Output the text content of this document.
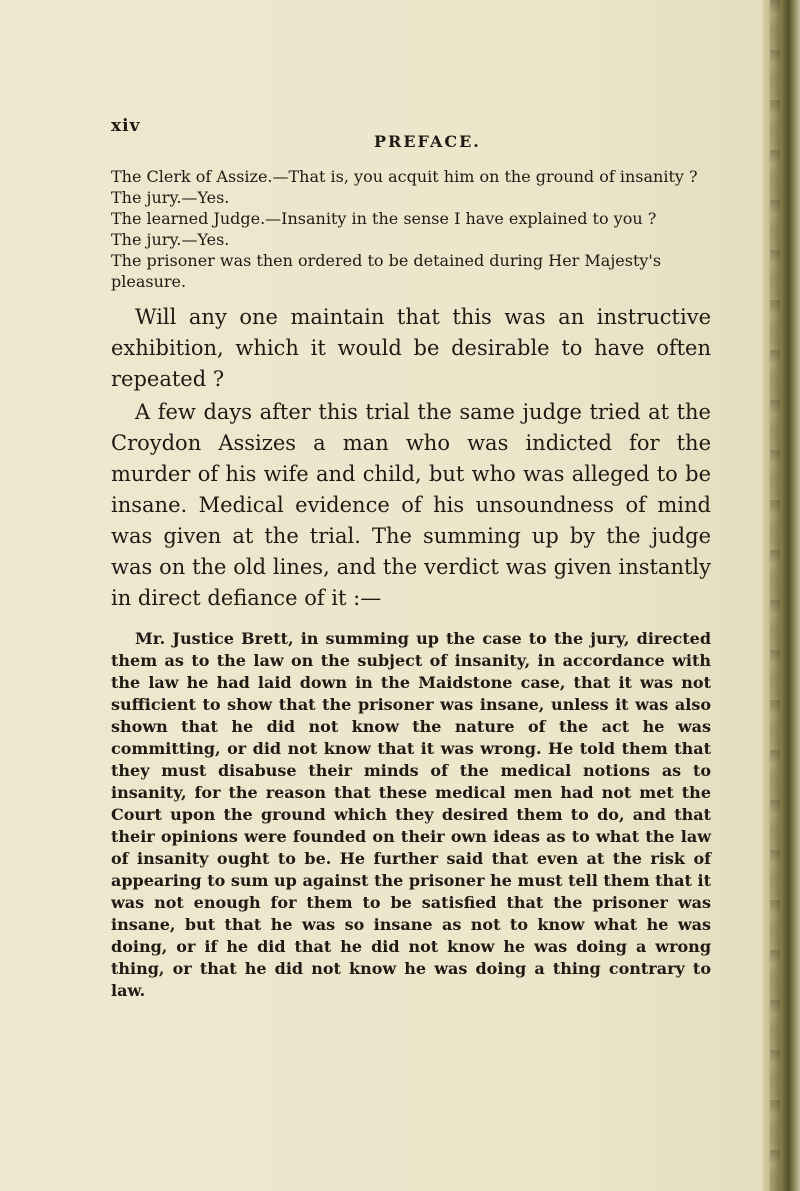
xiv
PREFACE.

The Clerk of Assize.—That is, you acquit him on the ground of insanity ?

The jury.—Yes.

The learned Judge.—Insanity in the sense I have explained to you ?

The jury.—Yes.

The prisoner was then ordered to be detained during Her Majesty's pleasure.

Will any one maintain that this was an instructive exhibition, which it would be desirable to have often repeated ?

A few days after this trial the same judge tried at the Croydon Assizes a man who was indicted for the murder of his wife and child, but who was alleged to be insane. Medical evidence of his unsoundness of mind was given at the trial. The summing up by the judge was on the old lines, and the verdict was given instantly in direct defiance of it :—

Mr. Justice Brett, in summing up the case to the jury, directed them as to the law on the subject of insanity, in accordance with the law he had laid down in the Maidstone case, that it was not sufficient to show that the prisoner was insane, unless it was also shown that he did not know the nature of the act he was committing, or did not know that it was wrong. He told them that they must disabuse their minds of the medical notions as to insanity, for the reason that these medical men had not met the Court upon the ground which they desired them to do, and that their opinions were founded on their own ideas as to what the law of insanity ought to be. He further said that even at the risk of appearing to sum up against the prisoner he must tell them that it was not enough for them to be satisfied that the prisoner was insane, but that he was so insane as not to know what he was doing, or if he did that he did not know he was doing a wrong thing, or that he did not know he was doing a thing contrary to law.
